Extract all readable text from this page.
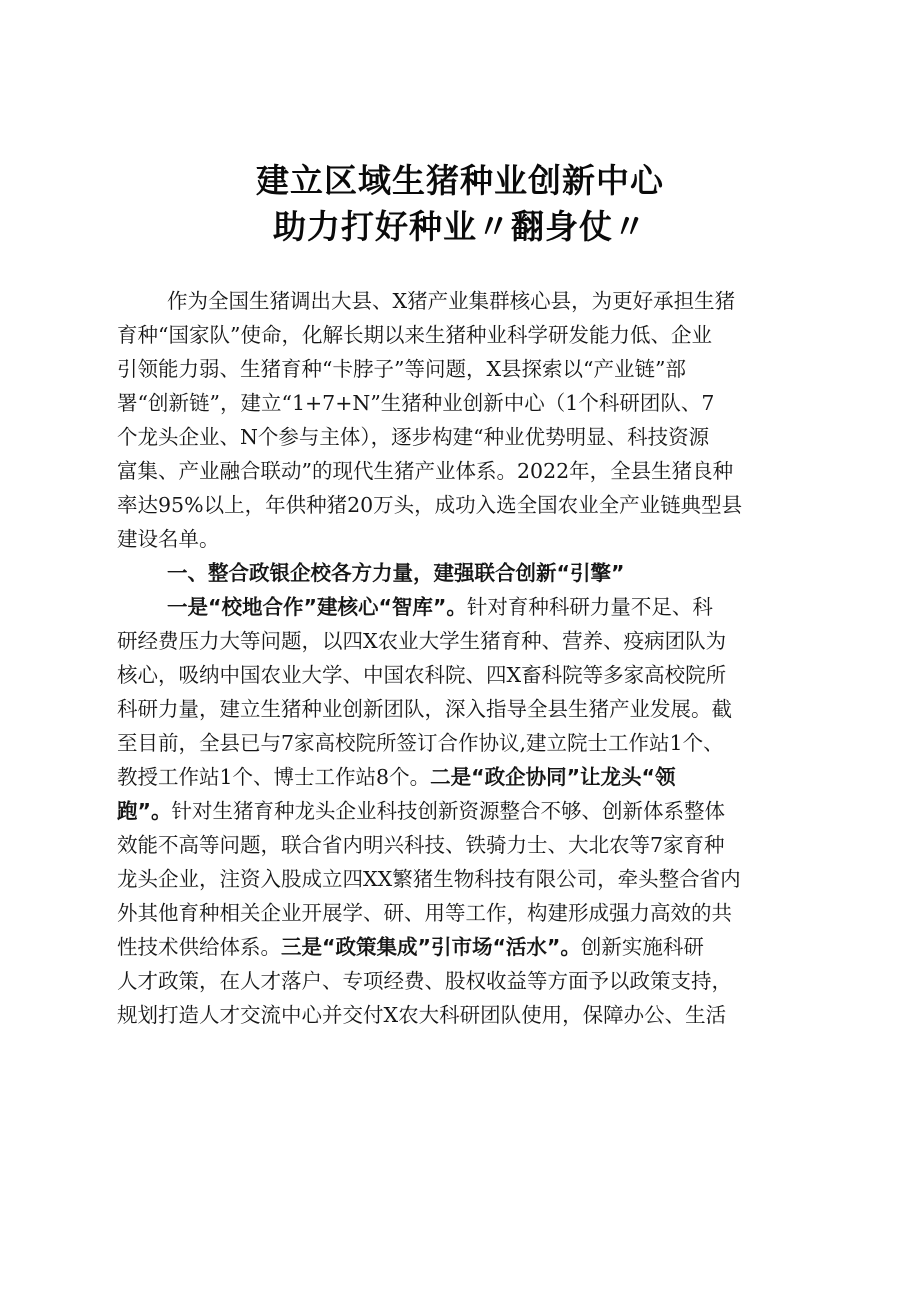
建立区域生猪种业创新中心
助力打好种业〃翻身仗〃
作为全国生猪调出大县、X猪产业集群核心县，为更好承担生猪
育种“国家队”使命，化解长期以来生猪种业科学研发能力低、企业
引领能力弱、生猪育种“卡脖子”等问题，X县探索以“产业链”部
署“创新链”，建立“1+7+N”生猪种业创新中心（1个科研团队、7
个龙头企业、N个参与主体），逐步构建“种业优势明显、科技资源
富集、产业融合联动”的现代生猪产业体系。2022年，全县生猪良种
率达95%以上，年供种猪20万头，成功入选全国农业全产业链典型县
建设名单。
一、整合政银企校各方力量，建强联合创新“引擎”
一是“校地合作”建核心“智库”。针对育种科研力量不足、科
研经费压力大等问题，以四X农业大学生猪育种、营养、疫病团队为
核心，吸纳中国农业大学、中国农科院、四X畜科院等多家高校院所
科研力量，建立生猪种业创新团队，深入指导全县生猪产业发展。截
至目前，全县已与7家高校院所签订合作协议,建立院士工作站1个、
教授工作站1个、博士工作站8个。二是“政企协同”让龙头“领
跑”。针对生猪育种龙头企业科技创新资源整合不够、创新体系整体
效能不高等问题，联合省内明兴科技、铁骑力士、大北农等7家育种
龙头企业，注资入股成立四XX繁猪生物科技有限公司，牵头整合省内
外其他育种相关企业开展学、研、用等工作，构建形成强力高效的共
性技术供给体系。三是“政策集成”引市场“活水”。创新实施科研
人才政策，在人才落户、专项经费、股权收益等方面予以政策支持，
规划打造人才交流中心并交付X农大科研团队使用，保障办公、生活
